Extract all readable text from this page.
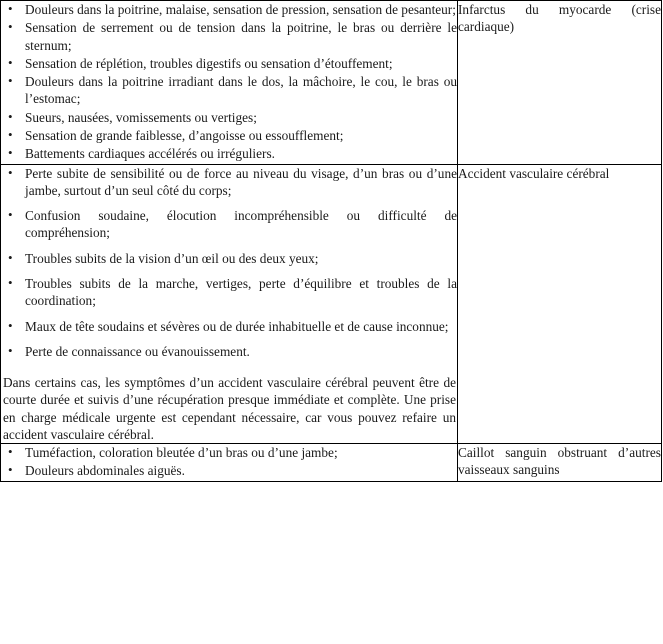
• Douleurs dans la poitrine, malaise, sensation de pression, sensation de pesanteur;
• Sensation de serrement ou de tension dans la poitrine, le bras ou derrière le sternum;
• Sensation de réplétion, troubles digestifs ou sensation d’étouffement;
• Douleurs dans la poitrine irradiant dans le dos, la mâchoire, le cou, le bras ou l’estomac;
• Sueurs, nausées, vomissements ou vertiges;
• Sensation de grande faiblesse, d’angoisse ou essoufflement;
• Battements cardiaques accélérés ou irréguliers.

Infarctus du myocarde (crise cardiaque)

• Perte subite de sensibilité ou de force au niveau du visage, d’un bras ou d’une jambe, surtout d’un seul côté du corps;
• Confusion soudaine, élocution incompréhensible ou difficulté de compréhension;
• Troubles subits de la vision d’un œil ou des deux yeux;
• Troubles subits de la marche, vertiges, perte d’équilibre et troubles de la coordination;
• Maux de tête soudains et sévères ou de durée inhabituelle et de cause inconnue;
• Perte de connaissance ou évanouissement.
Dans certains cas, les symptômes d’un accident vasculaire cérébral peuvent être de courte durée et suivis d’une récupération presque immédiate et complète. Une prise en charge médicale urgente est cependant nécessaire, car vous pouvez refaire un accident vasculaire cérébral.

Accident vasculaire cérébral

• Tuméfaction, coloration bleutée d’un bras ou d’une jambe;
• Douleurs abdominales aiguës.

Caillot sanguin obstruant d’autres vaisseaux sanguins
